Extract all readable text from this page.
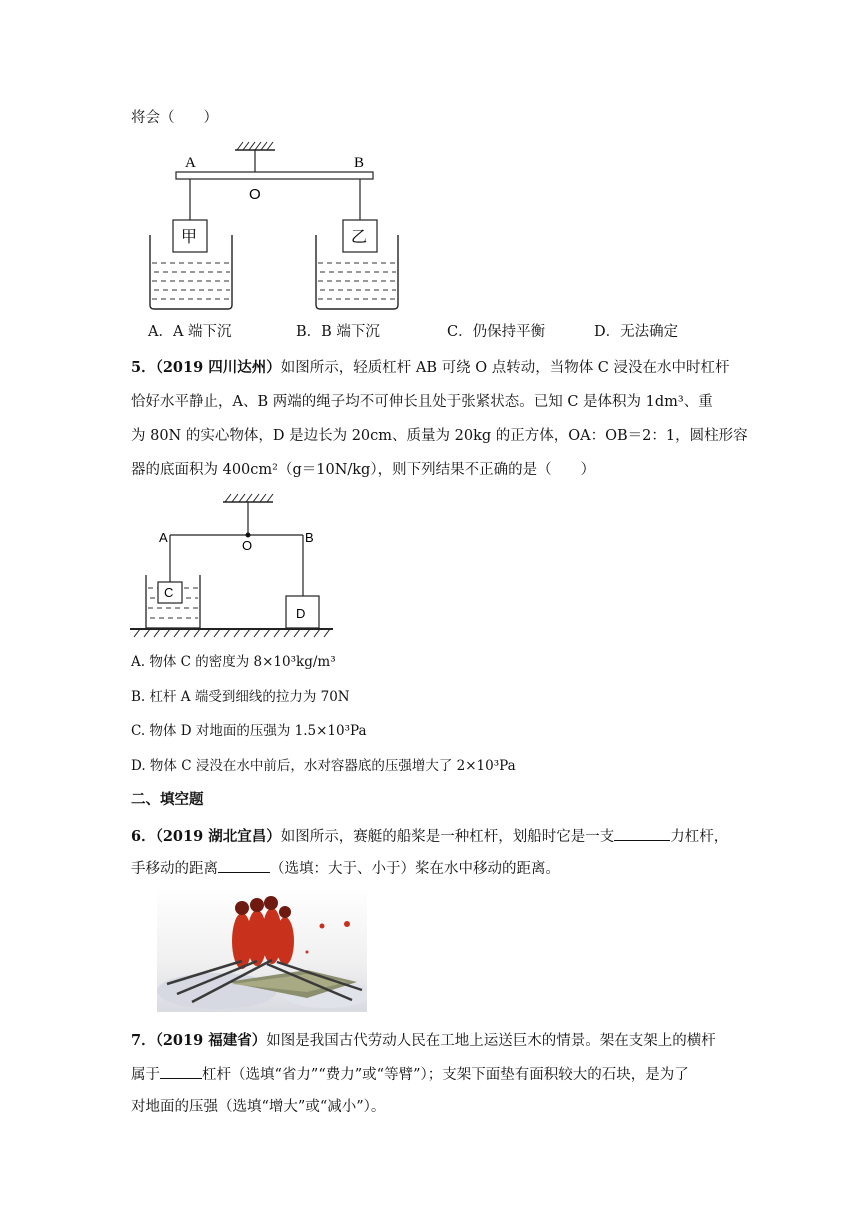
将会（　　）
A	B
O
甲	乙
A．A 端下沉	B．B 端下沉	C．仍保持平衡	D．无法确定
5．（2019 四川达州）如图所示，轻质杠杆 AB 可绕 O 点转动，当物体 C 浸没在水中时杠杆
恰好水平静止，A、B 两端的绳子均不可伸长且处于张紧状态。已知 C 是体积为 1dm³、重
为 80N 的实心物体，D 是边长为 20cm、质量为 20kg 的正方体，OA：OB＝2：1，圆柱形容
器的底面积为 400cm²（g＝10N/kg），则下列结果不正确的是（　　）
A
O
B
C
D
A. 物体 C 的密度为 8×10³kg/m³
B. 杠杆 A 端受到细线的拉力为 70N
C. 物体 D 对地面的压强为 1.5×10³Pa
D. 物体 C 浸没在水中前后，水对容器底的压强增大了 2×10³Pa
二、填空题
6．（2019 湖北宜昌）如图所示，赛艇的船桨是一种杠杆，划船时它是一支	力杠杆，
手移动的距离	（选填：大于、小于）桨在水中移动的距离。
7．（2019 福建省）如图是我国古代劳动人民在工地上运送巨木的情景。架在支架上的横杆
属于	杠杆（选填“省力”“费力”或“等臂”）；支架下面垫有面积较大的石块，是为了
对地面的压强（选填“增大”或“减小”）。
